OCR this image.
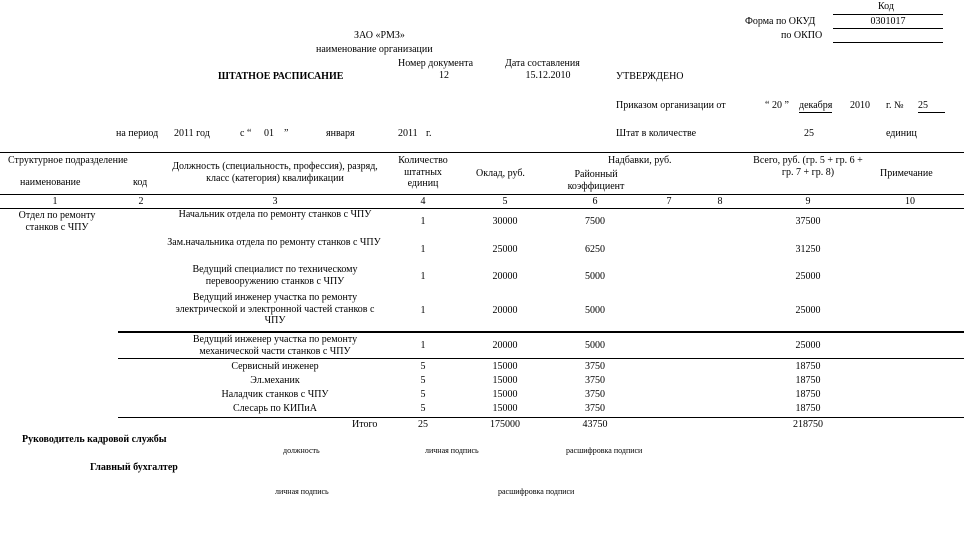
Код
Форма по ОКУД	0301017
по ОКПО
ЗАО «РМЗ»
наименование организации
Номер документа	Дата составления
ШТАТНОЕ РАСПИСАНИЕ	12	15.12.2010	УТВЕРЖДЕНО
Приказом организации от	“ 20 ” декабря 2010 г. № 25
на период 2011 год	с “ 01 ”	января	2011 г.	Штат в количестве	25	единиц
Структурное подразделение
наименование	код
Должность (специальность, профессия), разряд, класс (категория) квалификации
Количество штатных единиц
Оклад, руб.
Надбавки, руб.
Районный коэффициент
Всего, руб. (гр. 5 + гр. 6 + гр. 7 + гр. 8)	Примечание
1	2	3	4	5	6	7	8	9	10
Отдел по ремонту станков с ЧПУ
Начальник отдела по ремонту станков с ЧПУ
1	30000	7500	37500
Зам.начальника отдела по ремонту станков с ЧПУ
1	25000	6250	31250
Ведущий специалист по техническому перевооружению станков с ЧПУ	1	20000	5000	25000
Ведущий инженер участка по ремонту электрической и электронной частей станков с ЧПУ
1	20000	5000	25000
Ведущий инженер участка по ремонту механической части станков с ЧПУ	1	20000	5000	25000
Сервисный инженер	5	15000	3750	18750
Эл.механик	5	15000	3750	18750
Наладчик станков с ЧПУ	5	15000	3750	18750
Слесарь по КИПиА	5	15000	3750	18750
Итого	25	175000	43750	218750
Руководитель кадровой службы
должность	личная подпись	расшифровка подписи
Главный бухгалтер
личная подпись	расшифровка подписи
